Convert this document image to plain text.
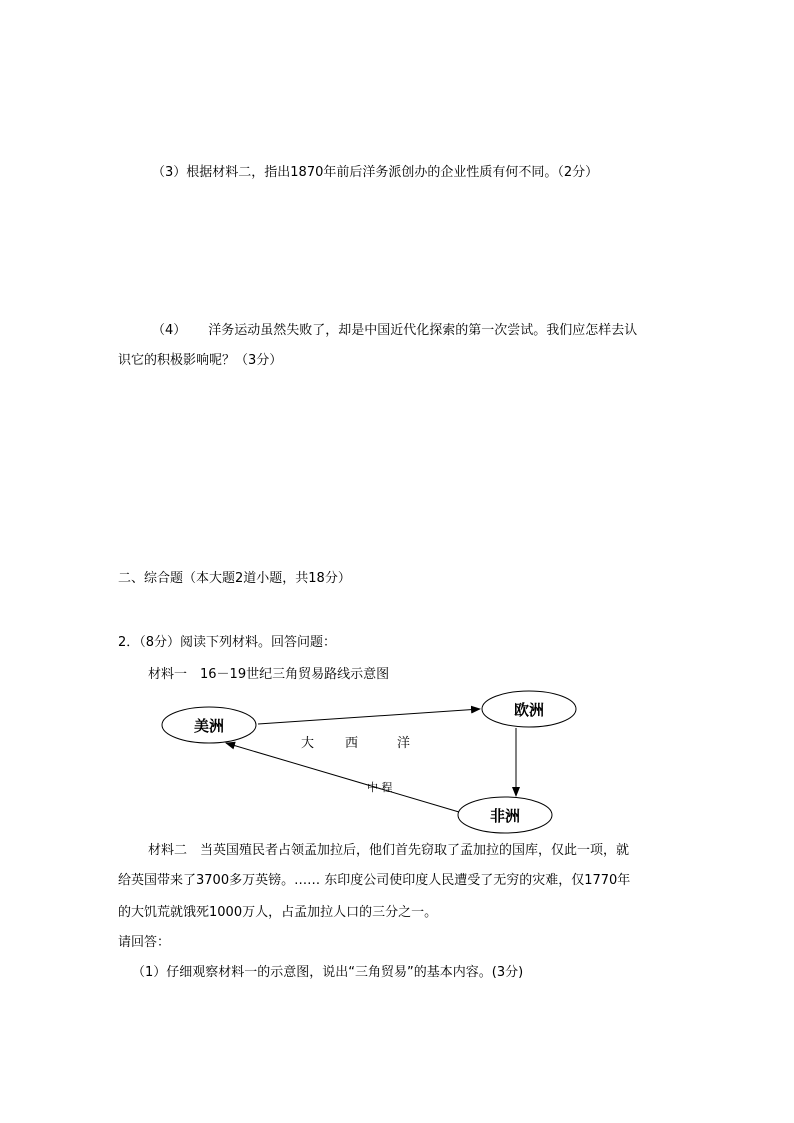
（3）根据材料二，指出1870年前后洋务派创办的企业性质有何不同。（2分）
（4） 洋务运动虽然失败了，却是中国近代化探索的第一次尝试。我们应怎样去认
识它的积极影响呢？（3分）
二、综合题（本大题2道小题，共18分）
2．（8分）阅读下列材料。回答问题：
材料一　16－19世纪三角贸易路线示意图
美洲
欧洲
非洲
大 西	洋
中 程
材料二　当英国殖民者占领孟加拉后，他们首先窃取了孟加拉的国库，仅此一项，就
给英国带来了3700多万英镑。…… 东印度公司使印度人民遭受了无穷的灾难，仅1770年
的大饥荒就饿死1000万人，占孟加拉人口的三分之一。
请回答：
（1）仔细观察材料一的示意图，说出“三角贸易”的基本内容。(3分)
